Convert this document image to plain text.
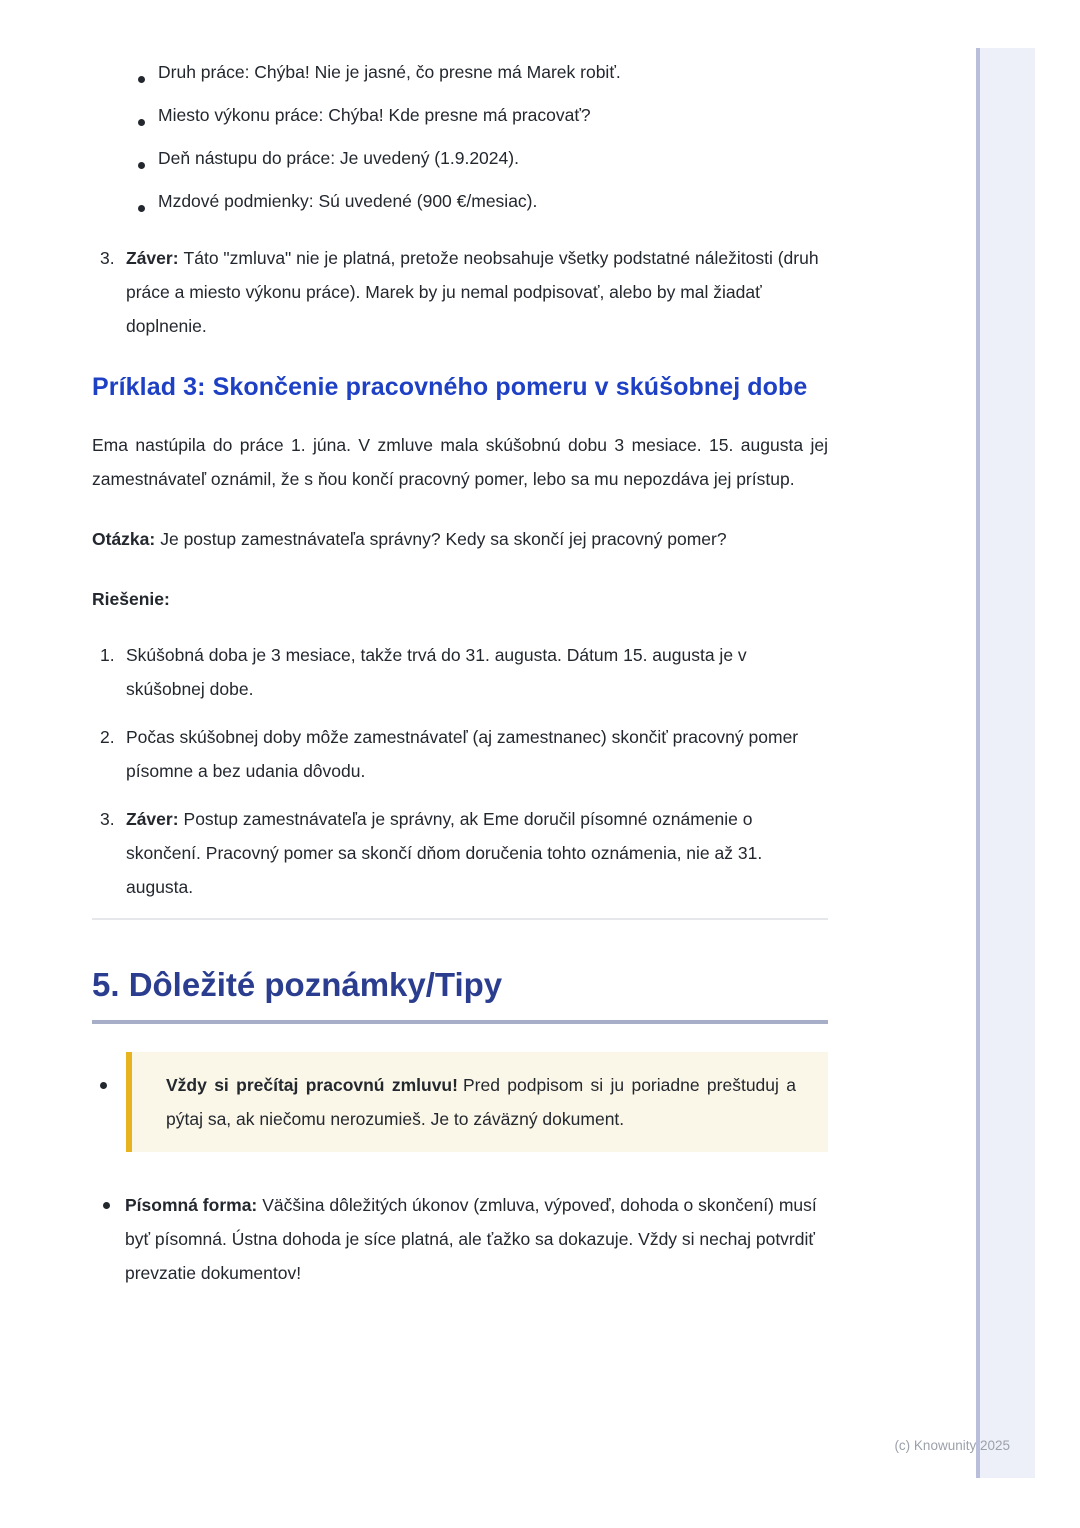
Druh práce: Chýba! Nie je jasné, čo presne má Marek robiť.
Miesto výkonu práce: Chýba! Kde presne má pracovať?
Deň nástupu do práce: Je uvedený (1.9.2024).
Mzdové podmienky: Sú uvedené (900 €/mesiac).
3. Záver: Táto "zmluva" nie je platná, pretože neobsahuje všetky podstatné náležitosti (druh práce a miesto výkonu práce). Marek by ju nemal podpisovať, alebo by mal žiadať doplnenie.
Príklad 3: Skončenie pracovného pomeru v skúšobnej dobe

Ema nastúpila do práce 1. júna. V zmluve mala skúšobnú dobu 3 mesiace. 15. augusta jej zamestnávateľ oznámil, že s ňou končí pracovný pomer, lebo sa mu nepozdáva jej prístup.

Otázka: Je postup zamestnávateľa správny? Kedy sa skončí jej pracovný pomer?

Riešenie:

1. Skúšobná doba je 3 mesiace, takže trvá do 31. augusta. Dátum 15. augusta je v skúšobnej dobe.
2. Počas skúšobnej doby môže zamestnávateľ (aj zamestnanec) skončiť pracovný pomer písomne a bez udania dôvodu.
3. Záver: Postup zamestnávateľa je správny, ak Eme doručil písomné oznámenie o skončení. Pracovný pomer sa skončí dňom doručenia tohto oznámenia, nie až 31. augusta.
5. Dôležité poznámky/Tipy
Vždy si prečítaj pracovnú zmluvu! Pred podpisom si ju poriadne preštuduj a pýtaj sa, ak niečomu nerozumieš. Je to záväzný dokument.
Písomná forma: Väčšina dôležitých úkonov (zmluva, výpoveď, dohoda o skončení) musí byť písomná. Ústna dohoda je síce platná, ale ťažko sa dokazuje. Vždy si nechaj potvrdiť prevzatie dokumentov!
(c) Knowunity 2025
